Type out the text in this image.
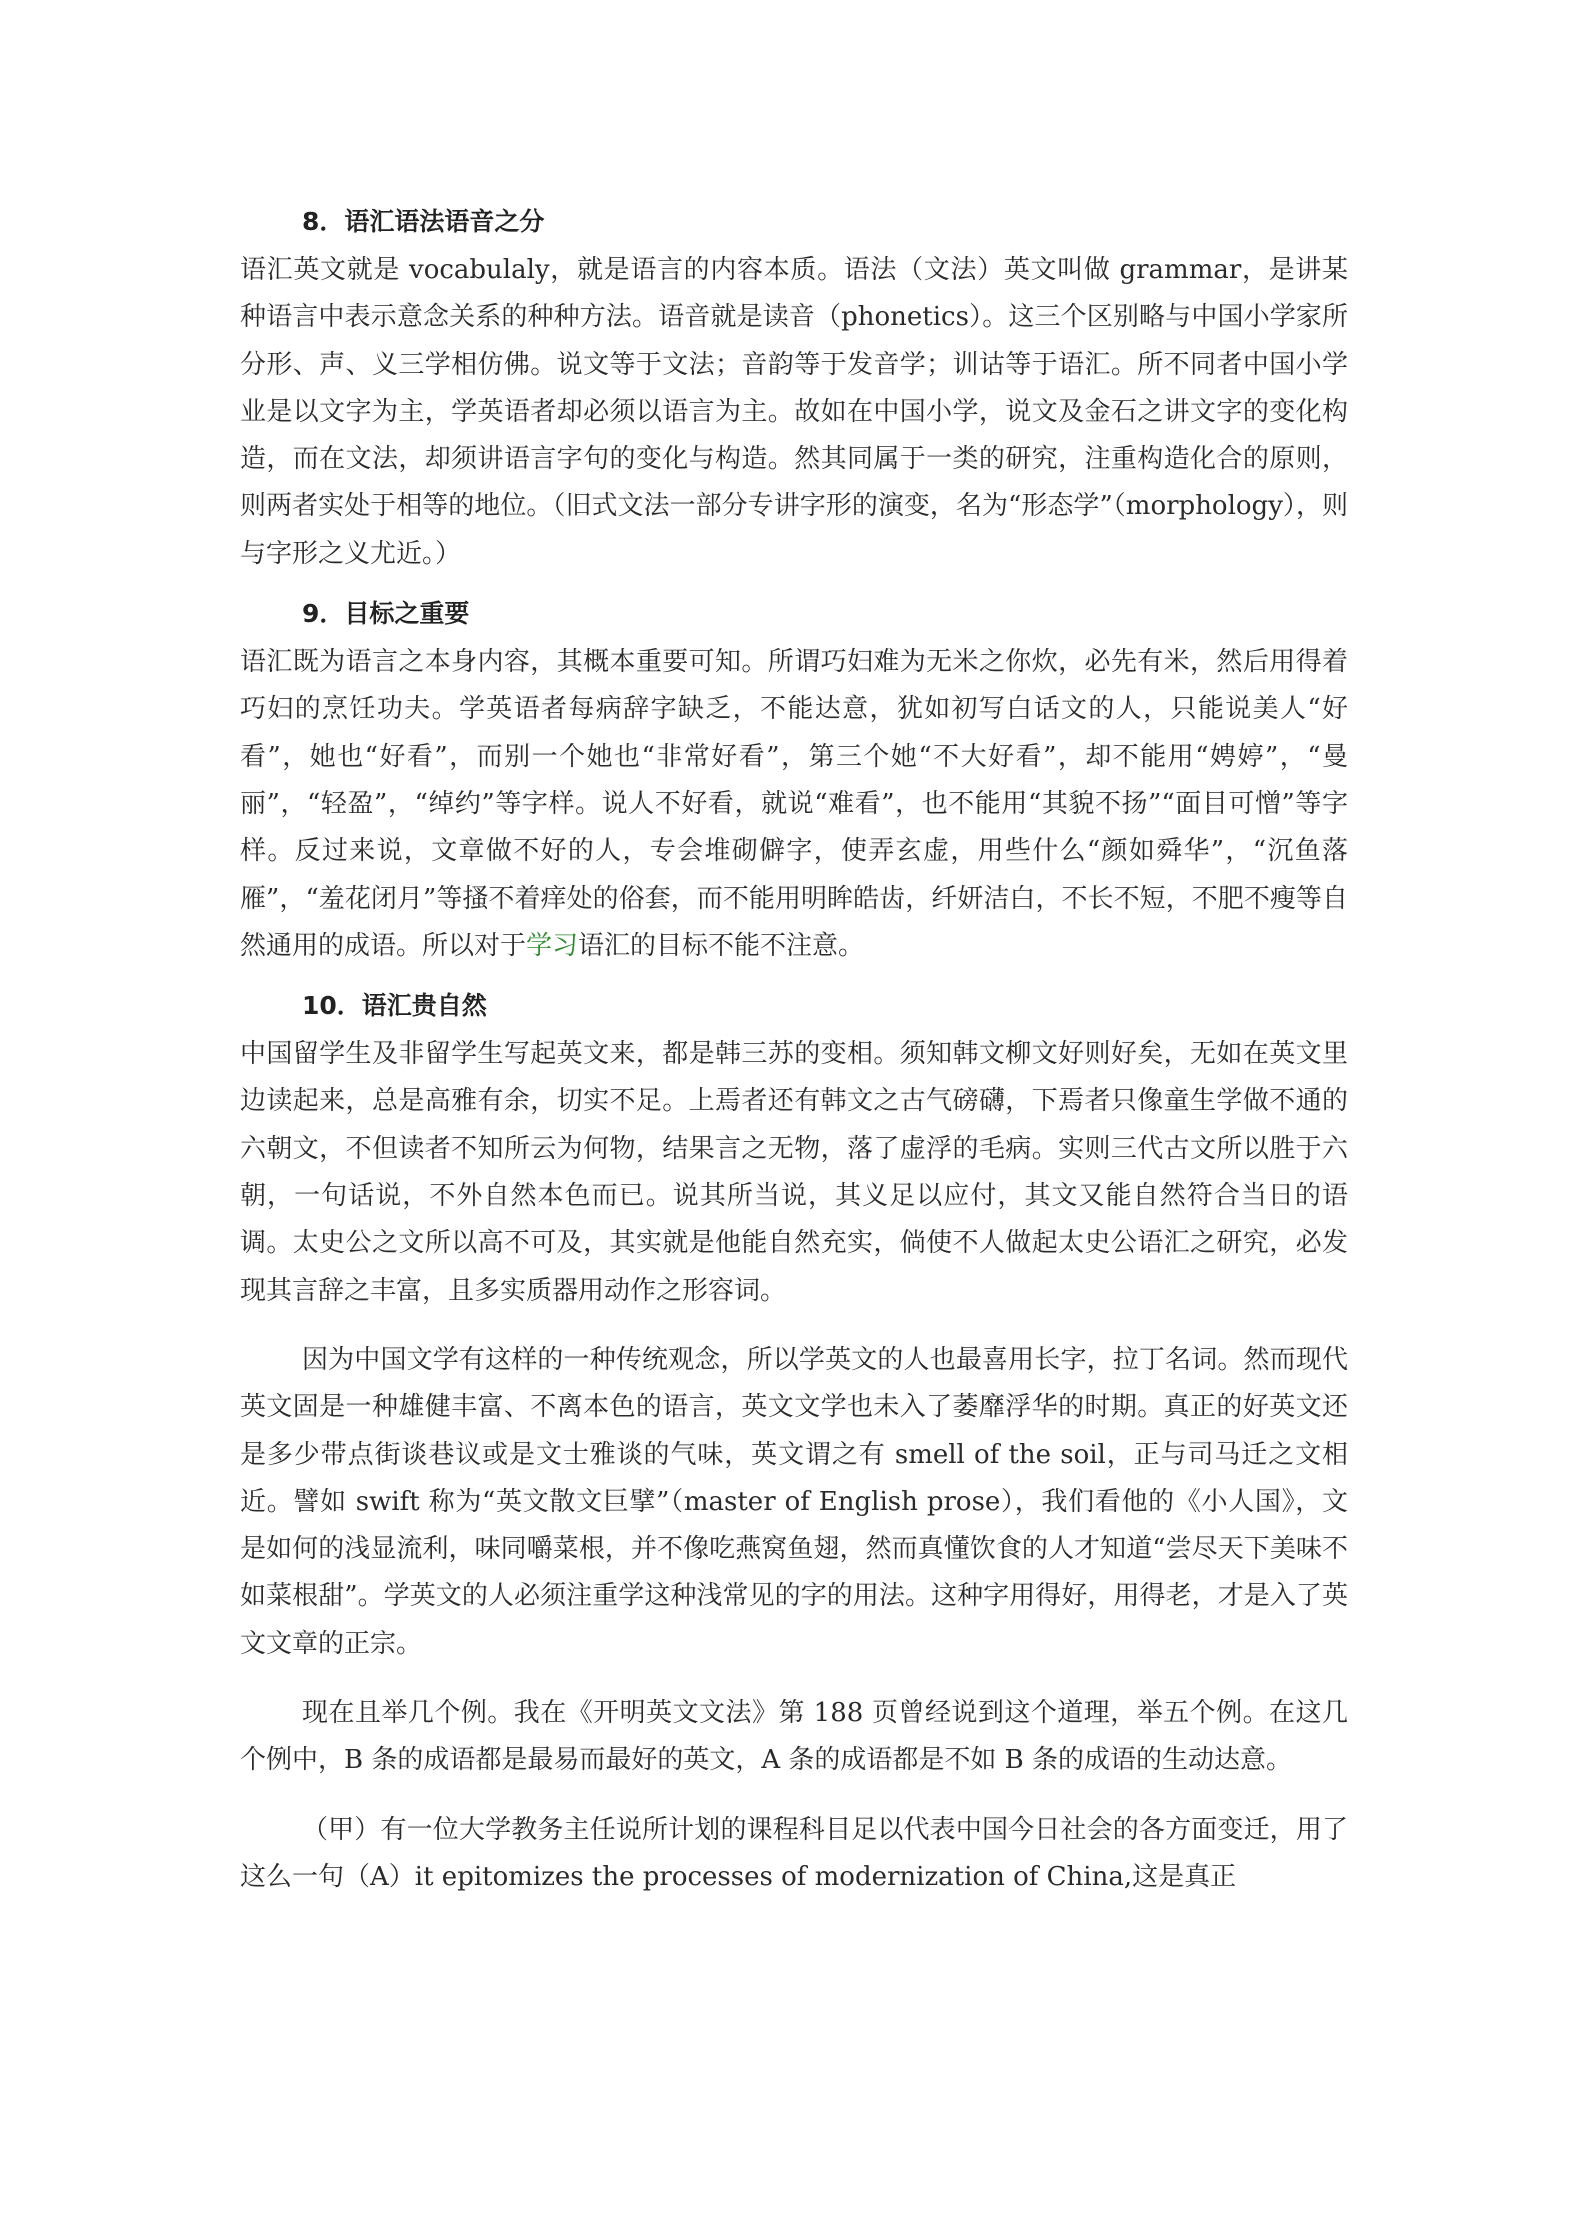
8．语汇语法语音之分

语汇英文就是 vocabulaly，就是语言的内容本质。语法（文法）英文叫做 grammar，是讲某种语言中表示意念关系的种种方法。语音就是读音（phonetics）。这三个区别略与中国小学家所分形、声、义三学相仿佛。说文等于文法；音韵等于发音学；训诂等于语汇。所不同者中国小学业是以文字为主，学英语者却必须以语言为主。故如在中国小学，说文及金石之讲文字的变化构造，而在文法，却须讲语言字句的变化与构造。然其同属于一类的研究，注重构造化合的原则，则两者实处于相等的地位。（旧式文法一部分专讲字形的演变，名为“形态学”（morphology），则与字形之义尤近。）

9．目标之重要

语汇既为语言之本身内容，其概本重要可知。所谓巧妇难为无米之你炊，必先有米，然后用得着巧妇的烹饪功夫。学英语者每病辞字缺乏，不能达意，犹如初写白话文的人，只能说美人“好看”，她也“好看”，而别一个她也“非常好看”，第三个她“不大好看”，却不能用“娉婷”，“曼丽”，“轻盈”，“绰约”等字样。说人不好看，就说“难看”，也不能用“其貌不扬”“面目可憎”等字样。反过来说，文章做不好的人，专会堆砌僻字，使弄玄虚，用些什么“颜如舜华”，“沉鱼落雁”，“羞花闭月”等搔不着痒处的俗套，而不能用明眸皓齿，纤妍洁白，不长不短，不肥不瘦等自然通用的成语。所以对于学习语汇的目标不能不注意。

10．语汇贵自然

中国留学生及非留学生写起英文来，都是韩三苏的变相。须知韩文柳文好则好矣，无如在英文里边读起来，总是高雅有余，切实不足。上焉者还有韩文之古气磅礴，下焉者只像童生学做不通的六朝文，不但读者不知所云为何物，结果言之无物，落了虚浮的毛病。实则三代古文所以胜于六朝，一句话说，不外自然本色而已。说其所当说，其义足以应付，其文又能自然符合当日的语调。太史公之文所以高不可及，其实就是他能自然充实，倘使不人做起太史公语汇之研究，必发现其言辞之丰富，且多实质器用动作之形容词。

因为中国文学有这样的一种传统观念，所以学英文的人也最喜用长字，拉丁名词。然而现代英文固是一种雄健丰富、不离本色的语言，英文文学也未入了萎靡浮华的时期。真正的好英文还是多少带点街谈巷议或是文士雅谈的气味，英文谓之有 smell of the soil，正与司马迁之文相近。譬如 swift 称为“英文散文巨擘”（master of English prose），我们看他的《小人国》，文是如何的浅显流利，味同嚼菜根，并不像吃燕窝鱼翅，然而真懂饮食的人才知道“尝尽天下美味不如菜根甜”。学英文的人必须注重学这种浅常见的字的用法。这种字用得好，用得老，才是入了英文文章的正宗。

现在且举几个例。我在《开明英文文法》第 188 页曾经说到这个道理，举五个例。在这几个例中，B 条的成语都是最易而最好的英文，A 条的成语都是不如 B 条的成语的生动达意。

（甲）有一位大学教务主任说所计划的课程科目足以代表中国今日社会的各方面变迁，用了这么一句（A）it epitomizes the processes of modernization of China,这是真正
